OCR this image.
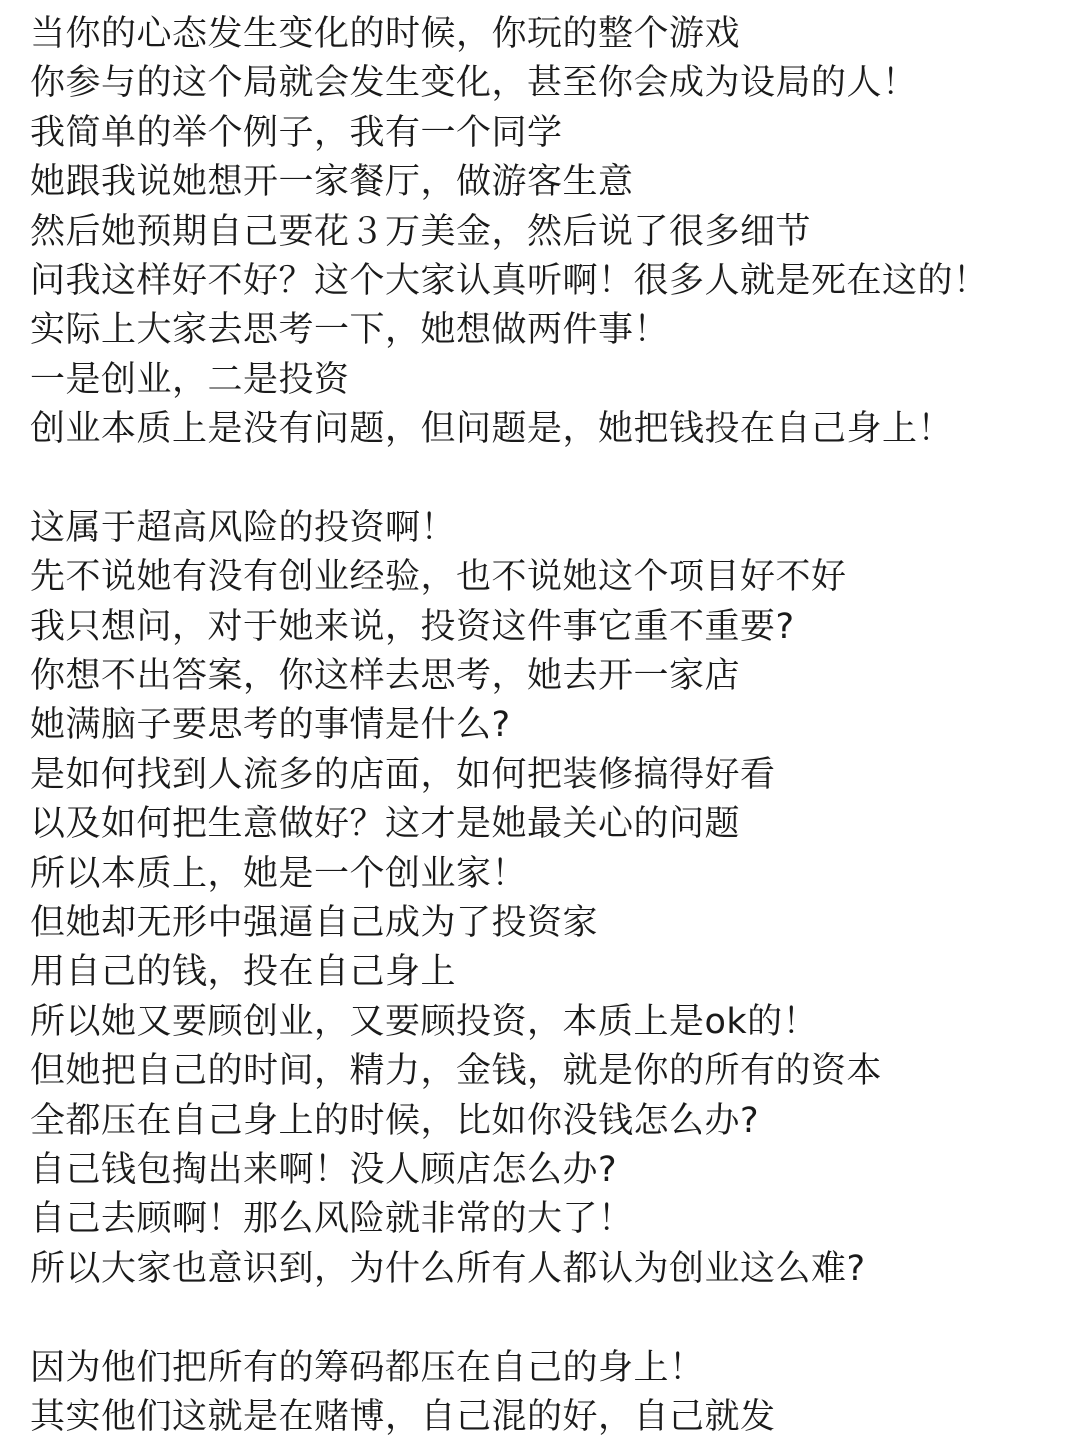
当你的心态发生变化的时候，你玩的整个游戏
你参与的这个局就会发生变化，甚至你会成为设局的人！
我简单的举个例子，我有一个同学
她跟我说她想开一家餐厅，做游客生意
然后她预期自己要花３万美金，然后说了很多细节
问我这样好不好？这个大家认真听啊！很多人就是死在这的！
实际上大家去思考一下，她想做两件事！
一是创业，二是投资
创业本质上是没有问题，但问题是，她把钱投在自己身上！
这属于超高风险的投资啊！
先不说她有没有创业经验，也不说她这个项目好不好
我只想问，对于她来说，投资这件事它重不重要?
你想不出答案，你这样去思考，她去开一家店
她满脑子要思考的事情是什么?
是如何找到人流多的店面，如何把装修搞得好看
以及如何把生意做好？这才是她最关心的问题
所以本质上，她是一个创业家！
但她却无形中强逼自己成为了投资家
用自己的钱，投在自己身上
所以她又要顾创业，又要顾投资，本质上是ok的！
但她把自己的时间，精力，金钱，就是你的所有的资本
全都压在自己身上的时候，比如你没钱怎么办?
自己钱包掏出来啊！没人顾店怎么办?
自己去顾啊！那么风险就非常的大了！
所以大家也意识到，为什么所有人都认为创业这么难?
因为他们把所有的筹码都压在自己的身上！
其实他们这就是在赌博，自己混的好，自己就发
